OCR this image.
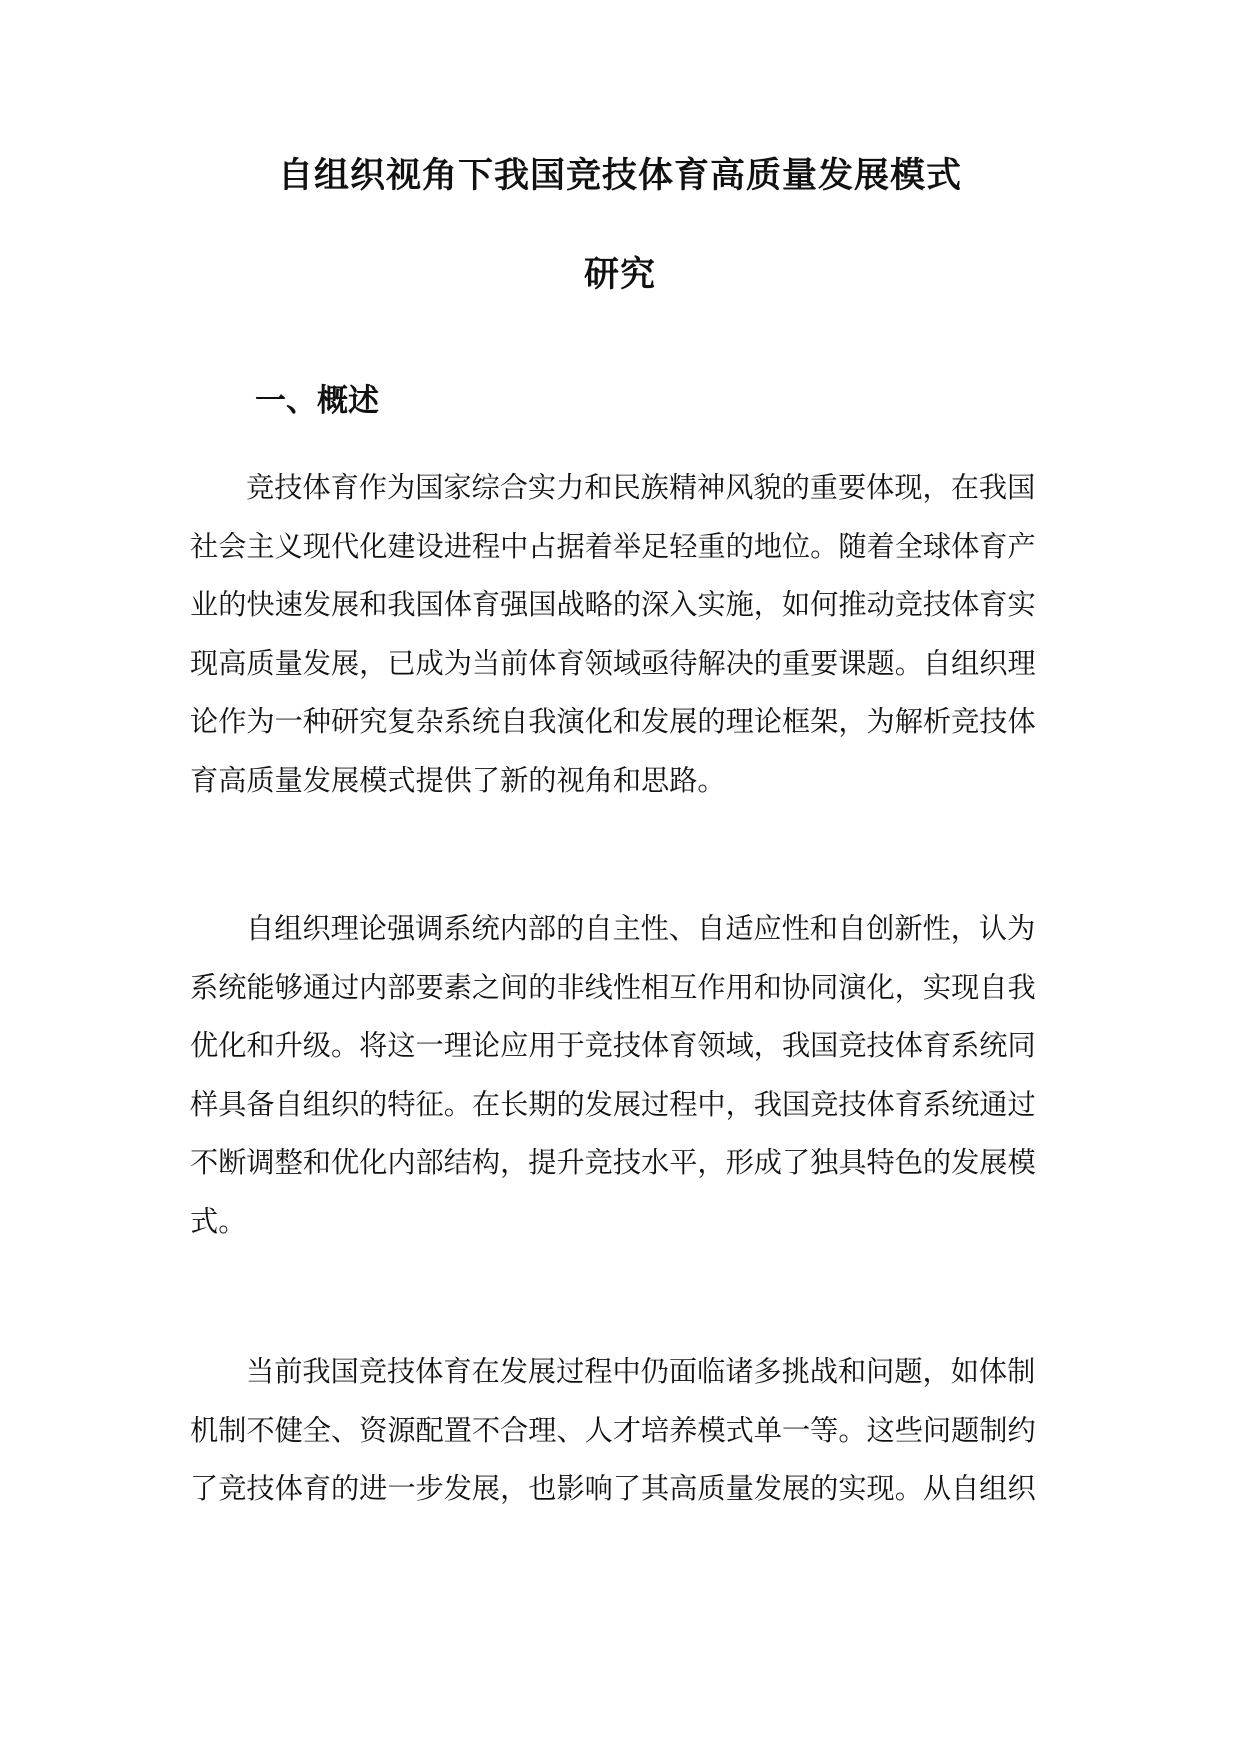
自组织视角下我国竞技体育高质量发展模式
研究
一、概述
竞技体育作为国家综合实力和民族精神风貌的重要体现，在我国
社会主义现代化建设进程中占据着举足轻重的地位。随着全球体育产
业的快速发展和我国体育强国战略的深入实施，如何推动竞技体育实
现高质量发展，已成为当前体育领域亟待解决的重要课题。自组织理
论作为一种研究复杂系统自我演化和发展的理论框架，为解析竞技体
育高质量发展模式提供了新的视角和思路。
自组织理论强调系统内部的自主性、自适应性和自创新性，认为
系统能够通过内部要素之间的非线性相互作用和协同演化，实现自我
优化和升级。将这一理论应用于竞技体育领域，我国竞技体育系统同
样具备自组织的特征。在长期的发展过程中，我国竞技体育系统通过
不断调整和优化内部结构，提升竞技水平，形成了独具特色的发展模
式。
当前我国竞技体育在发展过程中仍面临诸多挑战和问题，如体制
机制不健全、资源配置不合理、人才培养模式单一等。这些问题制约
了竞技体育的进一步发展，也影响了其高质量发展的实现。从自组织
